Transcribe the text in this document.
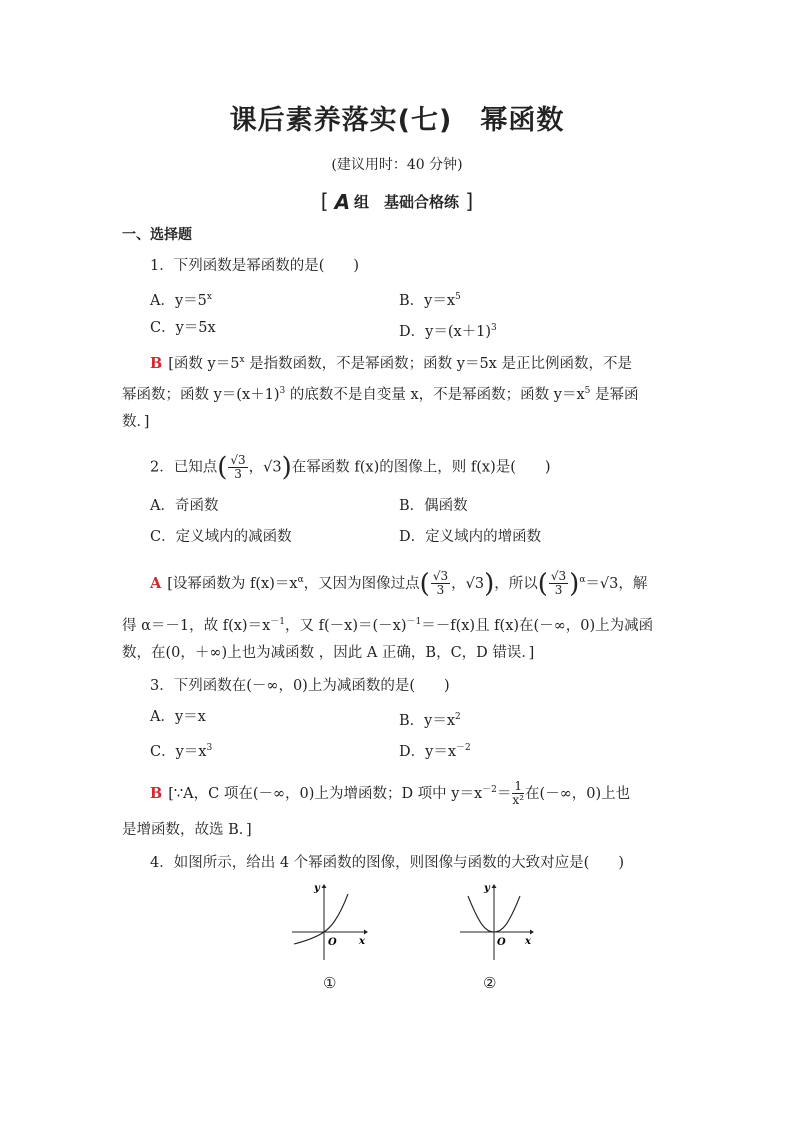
课后素养落实(七)　幂函数
(建议用时：40 分钟)
[ A 组　基础合格练 ]
一、选择题
1．下列函数是幂函数的是(　　)
A．$y=5^x$	B．$y=x^5$
C．y＝5x	D．$y=(x+1)^3$
B [函数 $y=5^x$ 是指数函数，不是幂函数；函数 y＝5x 是正比例函数，不是
幂函数；函数 $y=(x+1)^3$ 的底数不是自变量 x，不是幂函数；函数 $y=x^5$ 是幂函
数．]
2．已知点( $\frac{√3}{3}$ ，√3)在幂函数 f(x)的图像上，则 f(x)是(　　)
A．奇函数	B．偶函数
C．定义域内的减函数	D．定义域内的增函数
A [设幂函数为 $f(x)=x^\alpha$，又因为图像过点( $\frac{√3}{3}$ ，√3)，所以( $\frac{√3}{3} )^\alpha=√3$，解
得 α＝－1，故 $f(x)=x^{-1}$，又 $f(-x)=(-x)^{-1}=-f(x)$且 f(x)在(－∞，0)上为减函
数，在(0，＋∞)上也为减函数 ，因此 A 正确，B，C，D 错误．]
3．下列函数在(－∞，0)上为减函数的是(　　)
A．y＝x	B．$y=x^2$
C．$y=x^3$	D．$y=x^{-2}$
B [∵A，C 项在(－∞，0)上为增函数；D 项中 $y=x^{-2}= \frac{1}{\text{x²}}$ 在(－∞，0)上也
是增函数，故选 B．]
4．如图所示，给出 4 个幂函数的图像，则图像与函数的大致对应是(　　)
y
x
O
①
y
x
O
②
